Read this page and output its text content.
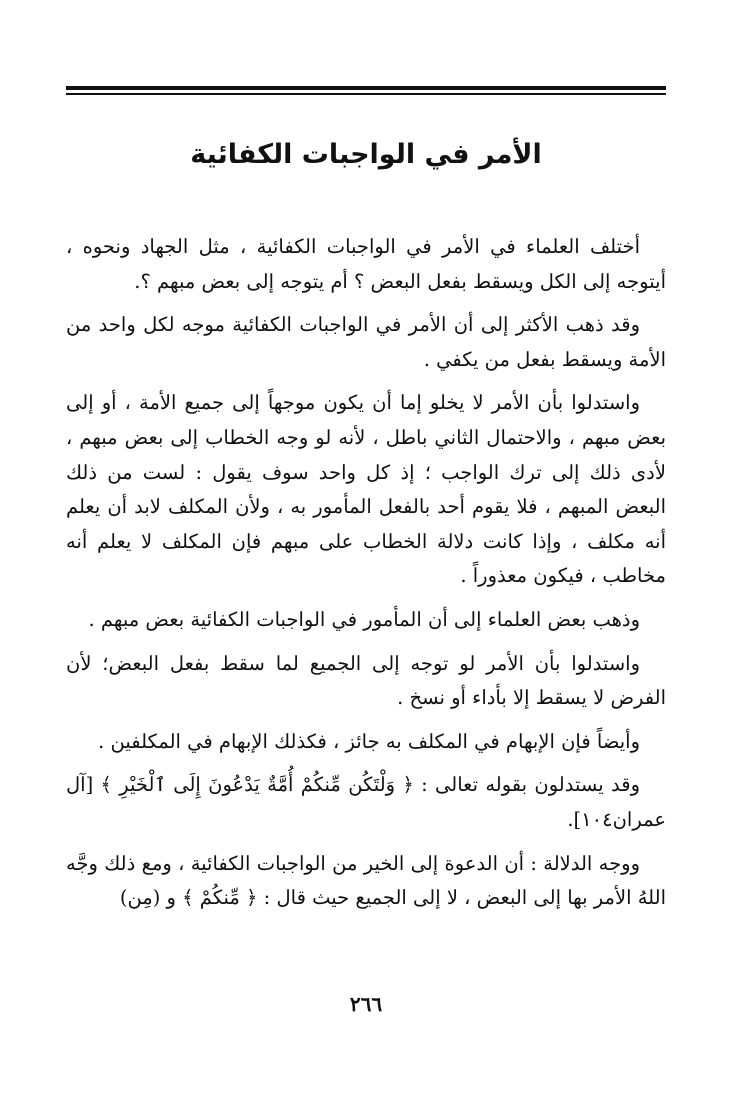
الأمر في الواجبات الكفائية

أختلف العلماء في الأمر في الواجبات الكفائية ، مثل الجهاد ونحوه ، أيتوجه إلى الكل ويسقط بفعل البعض ؟ أم يتوجه إلى بعض مبهم ؟.

وقد ذهب الأكثر إلى أن الأمر في الواجبات الكفائية موجه لكل واحد من الأمة ويسقط بفعل من يكفي .

واستدلوا بأن الأمر لا يخلو إما أن يكون موجهاً إلى جميع الأمة ، أو إلى بعض مبهم ، والاحتمال الثاني باطل ، لأنه لو وجه الخطاب إلى بعض مبهم ، لأدى ذلك إلى ترك الواجب ؛ إذ كل واحد سوف يقول : لست من ذلك البعض المبهم ، فلا يقوم أحد بالفعل المأمور به ، ولأن المكلف لابد أن يعلم أنه مكلف ، وإذا كانت دلالة الخطاب على مبهم فإن المكلف لا يعلم أنه مخاطب ، فيكون معذوراً .

وذهب بعض العلماء إلى أن المأمور في الواجبات الكفائية بعض مبهم .

واستدلوا بأن الأمر لو توجه إلى الجميع لما سقط بفعل البعض؛ لأن الفرض لا يسقط إلا بأداء أو نسخ .

وأيضاً فإن الإبهام في المكلف به جائز ، فكذلك الإبهام في المكلفين .

وقد يستدلون بقوله تعالى : ﴿ وَلْتَكُن مِّنكُمْ أُمَّةٌ يَدْعُونَ إِلَى ٱلْخَيْرِ ﴾ [آل عمران١٠٤].

ووجه الدلالة : أن الدعوة إلى الخير من الواجبات الكفائية ، ومع ذلك وجَّه اللهُ الأمر بها إلى البعض ، لا إلى الجميع حيث قال : ﴿ مِّنكُمْ ﴾ و (مِن)

٢٦٦
